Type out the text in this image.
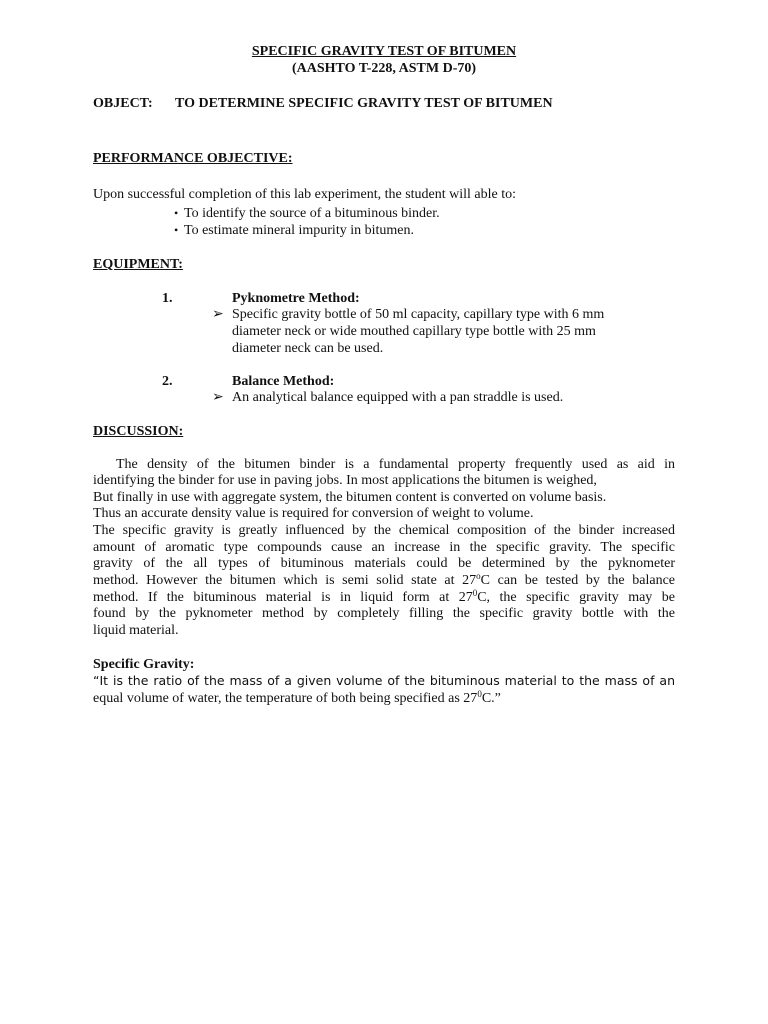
SPECIFIC GRAVITY TEST OF BITUMEN
(AASHTO T-228, ASTM D-70)
OBJECT: TO DETERMINE SPECIFIC GRAVITY TEST OF BITUMEN
PERFORMANCE OBJECTIVE:
Upon successful completion of this lab experiment, the student will able to:
• To identify the source of a bituminous binder.
• To estimate mineral impurity in bitumen.
EQUIPMENT:
1.	Pyknometre Method:
➢ Specific gravity bottle of 50 ml capacity, capillary type with 6 mm
diameter neck or wide mouthed capillary type bottle with 25 mm
diameter neck can be used.
2.	Balance Method:
➢ An analytical balance equipped with a pan straddle is used.
DISCUSSION:
The density of the bitumen binder is a fundamental property frequently used as aid in
identifying the binder for use in paving jobs. In most applications the bitumen is weighed,
But finally in use with aggregate system, the bitumen content is converted on volume basis.
Thus an accurate density value is required for conversion of weight to volume.
The specific gravity is greatly influenced by the chemical composition of the binder increased
amount of aromatic type compounds cause an increase in the specific gravity. The specific
gravity of the all types of bituminous materials could be determined by the pyknometer
method. However the bitumen which is semi solid state at 27$^o$C can be tested by the balance
method. If the bituminous material is in liquid form at $27^0C$, the specific gravity may be
found by the pyknometer method by completely filling the specific gravity bottle with the
liquid material.
Specific Gravity:
“It is the ratio of the mass of a given volume of the bituminous material to the mass of an
equal volume of water, the temperature of both being specified as $27^0C$.”
